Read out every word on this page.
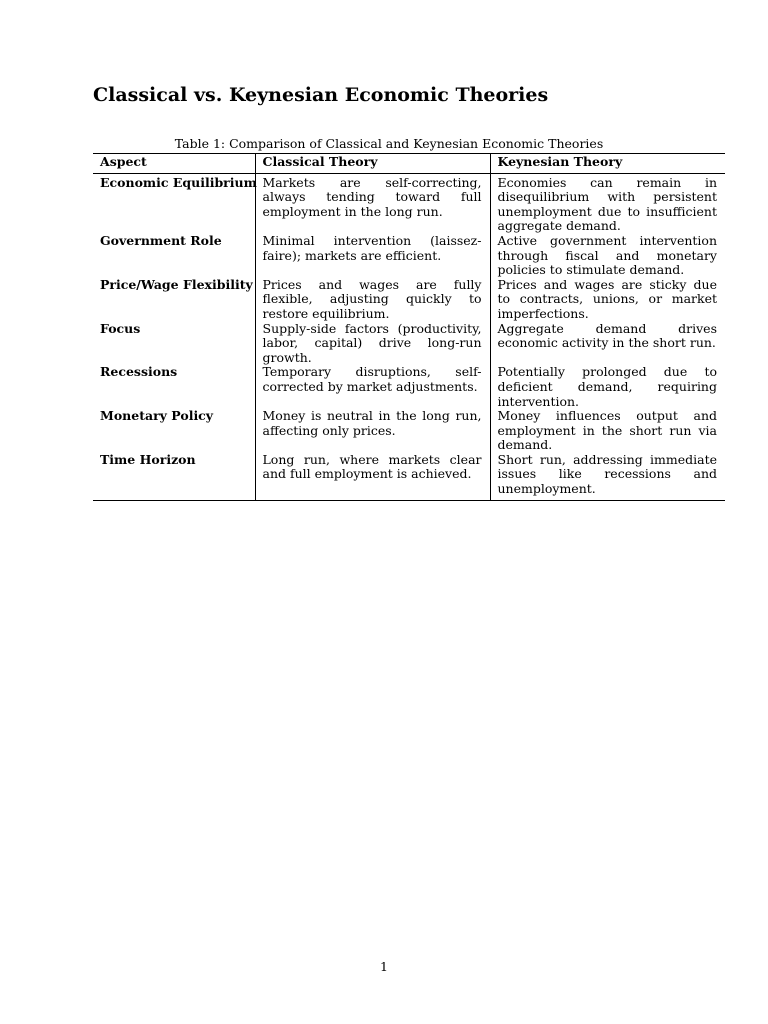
Classical vs. Keynesian Economic Theories
Table 1: Comparison of Classical and Keynesian Economic Theories
Aspect	Classical Theory	Keynesian Theory
Economic Equilibrium	Markets are self-correcting, always tending toward full employment in the long run.	Economies can remain in disequilibrium with persistent unemployment due to insufficient aggregate demand.
Government Role	Minimal intervention (laissez-faire); markets are efficient.	Active government intervention through fiscal and monetary policies to stimulate demand.
Price/Wage Flexibility	Prices and wages are fully flexible, adjusting quickly to restore equilibrium.	Prices and wages are sticky due to contracts, unions, or market imperfections.
Focus	Supply-side factors (productivity, labor, capital) drive long-run growth.	Aggregate demand drives economic activity in the short run.
Recessions	Temporary disruptions, self-corrected by market adjustments.	Potentially prolonged due to deficient demand, requiring intervention.
Monetary Policy	Money is neutral in the long run, affecting only prices.	Money influences output and employment in the short run via demand.
Time Horizon	Long run, where markets clear and full employment is achieved.	Short run, addressing immediate issues like recessions and unemployment.
1
